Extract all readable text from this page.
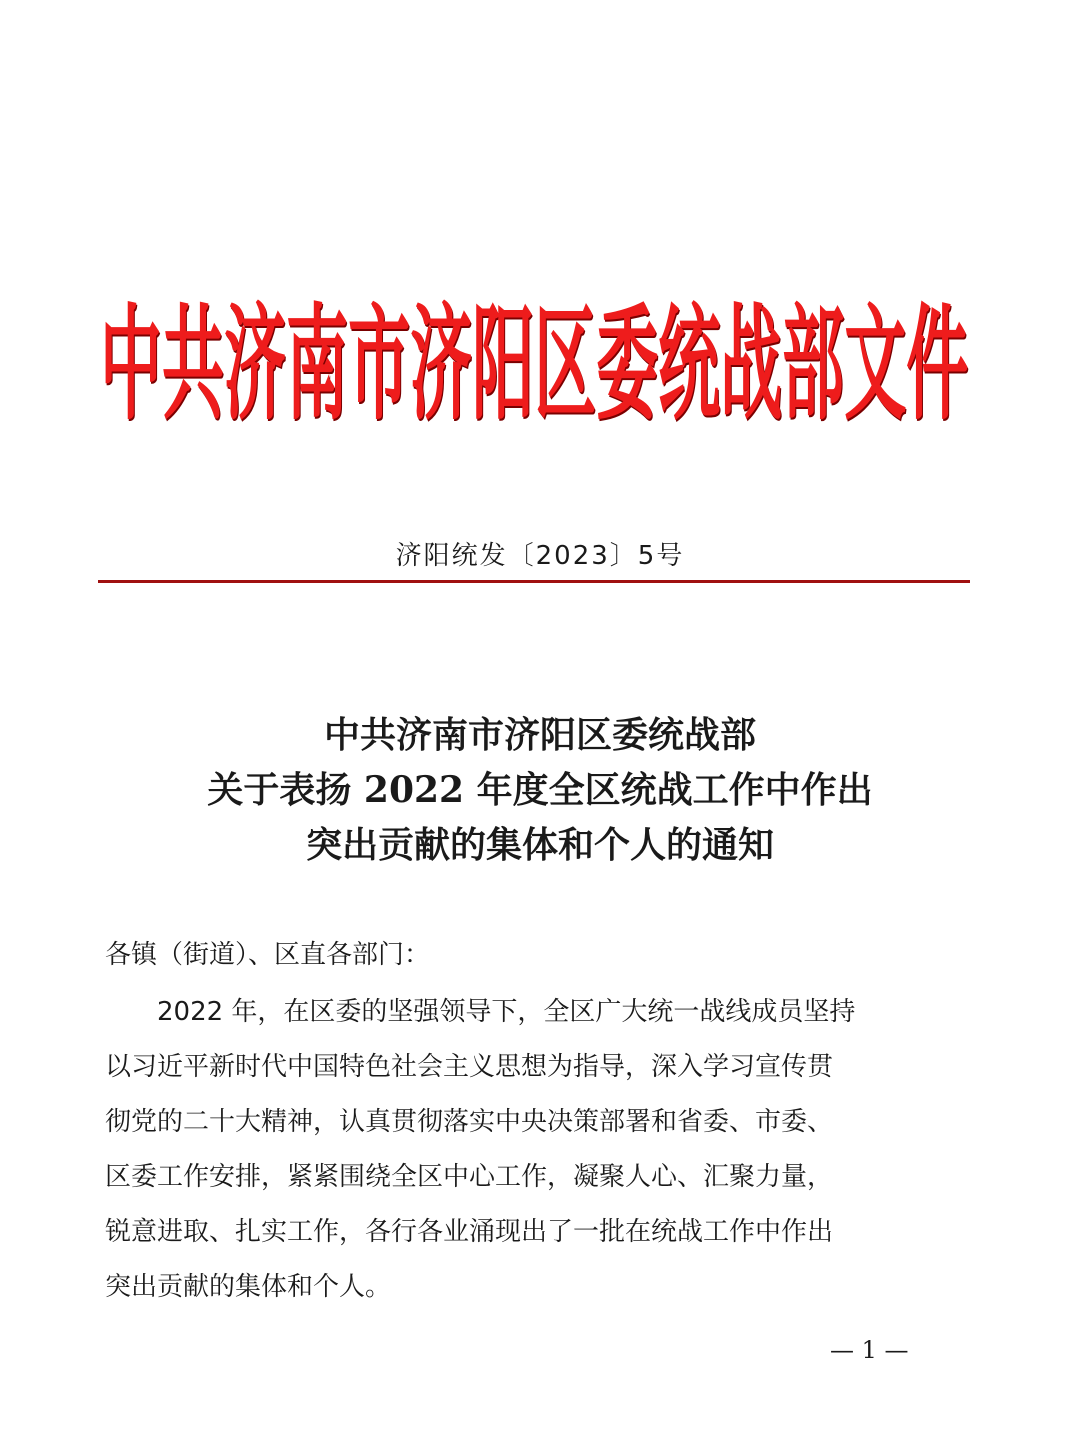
中 共 济 南 市 济 阳 区 委 统 战 部 文 件
济阳统发〔2023〕5号
中共济南市济阳区委统战部
关于表扬 2022 年度全区统战工作中作出
突出贡献的集体和个人的通知
各镇（街道）、区直各部门：
　　2022 年，在区委的坚强领导下，全区广大统一战线成员坚持
以习近平新时代中国特色社会主义思想为指导，深入学习宣传贯
彻党的二十大精神，认真贯彻落实中央决策部署和省委、市委、
区委工作安排，紧紧围绕全区中心工作，凝聚人心、汇聚力量，
锐意进取、扎实工作，各行各业涌现出了一批在统战工作中作出
突出贡献的集体和个人。
— 1 —
